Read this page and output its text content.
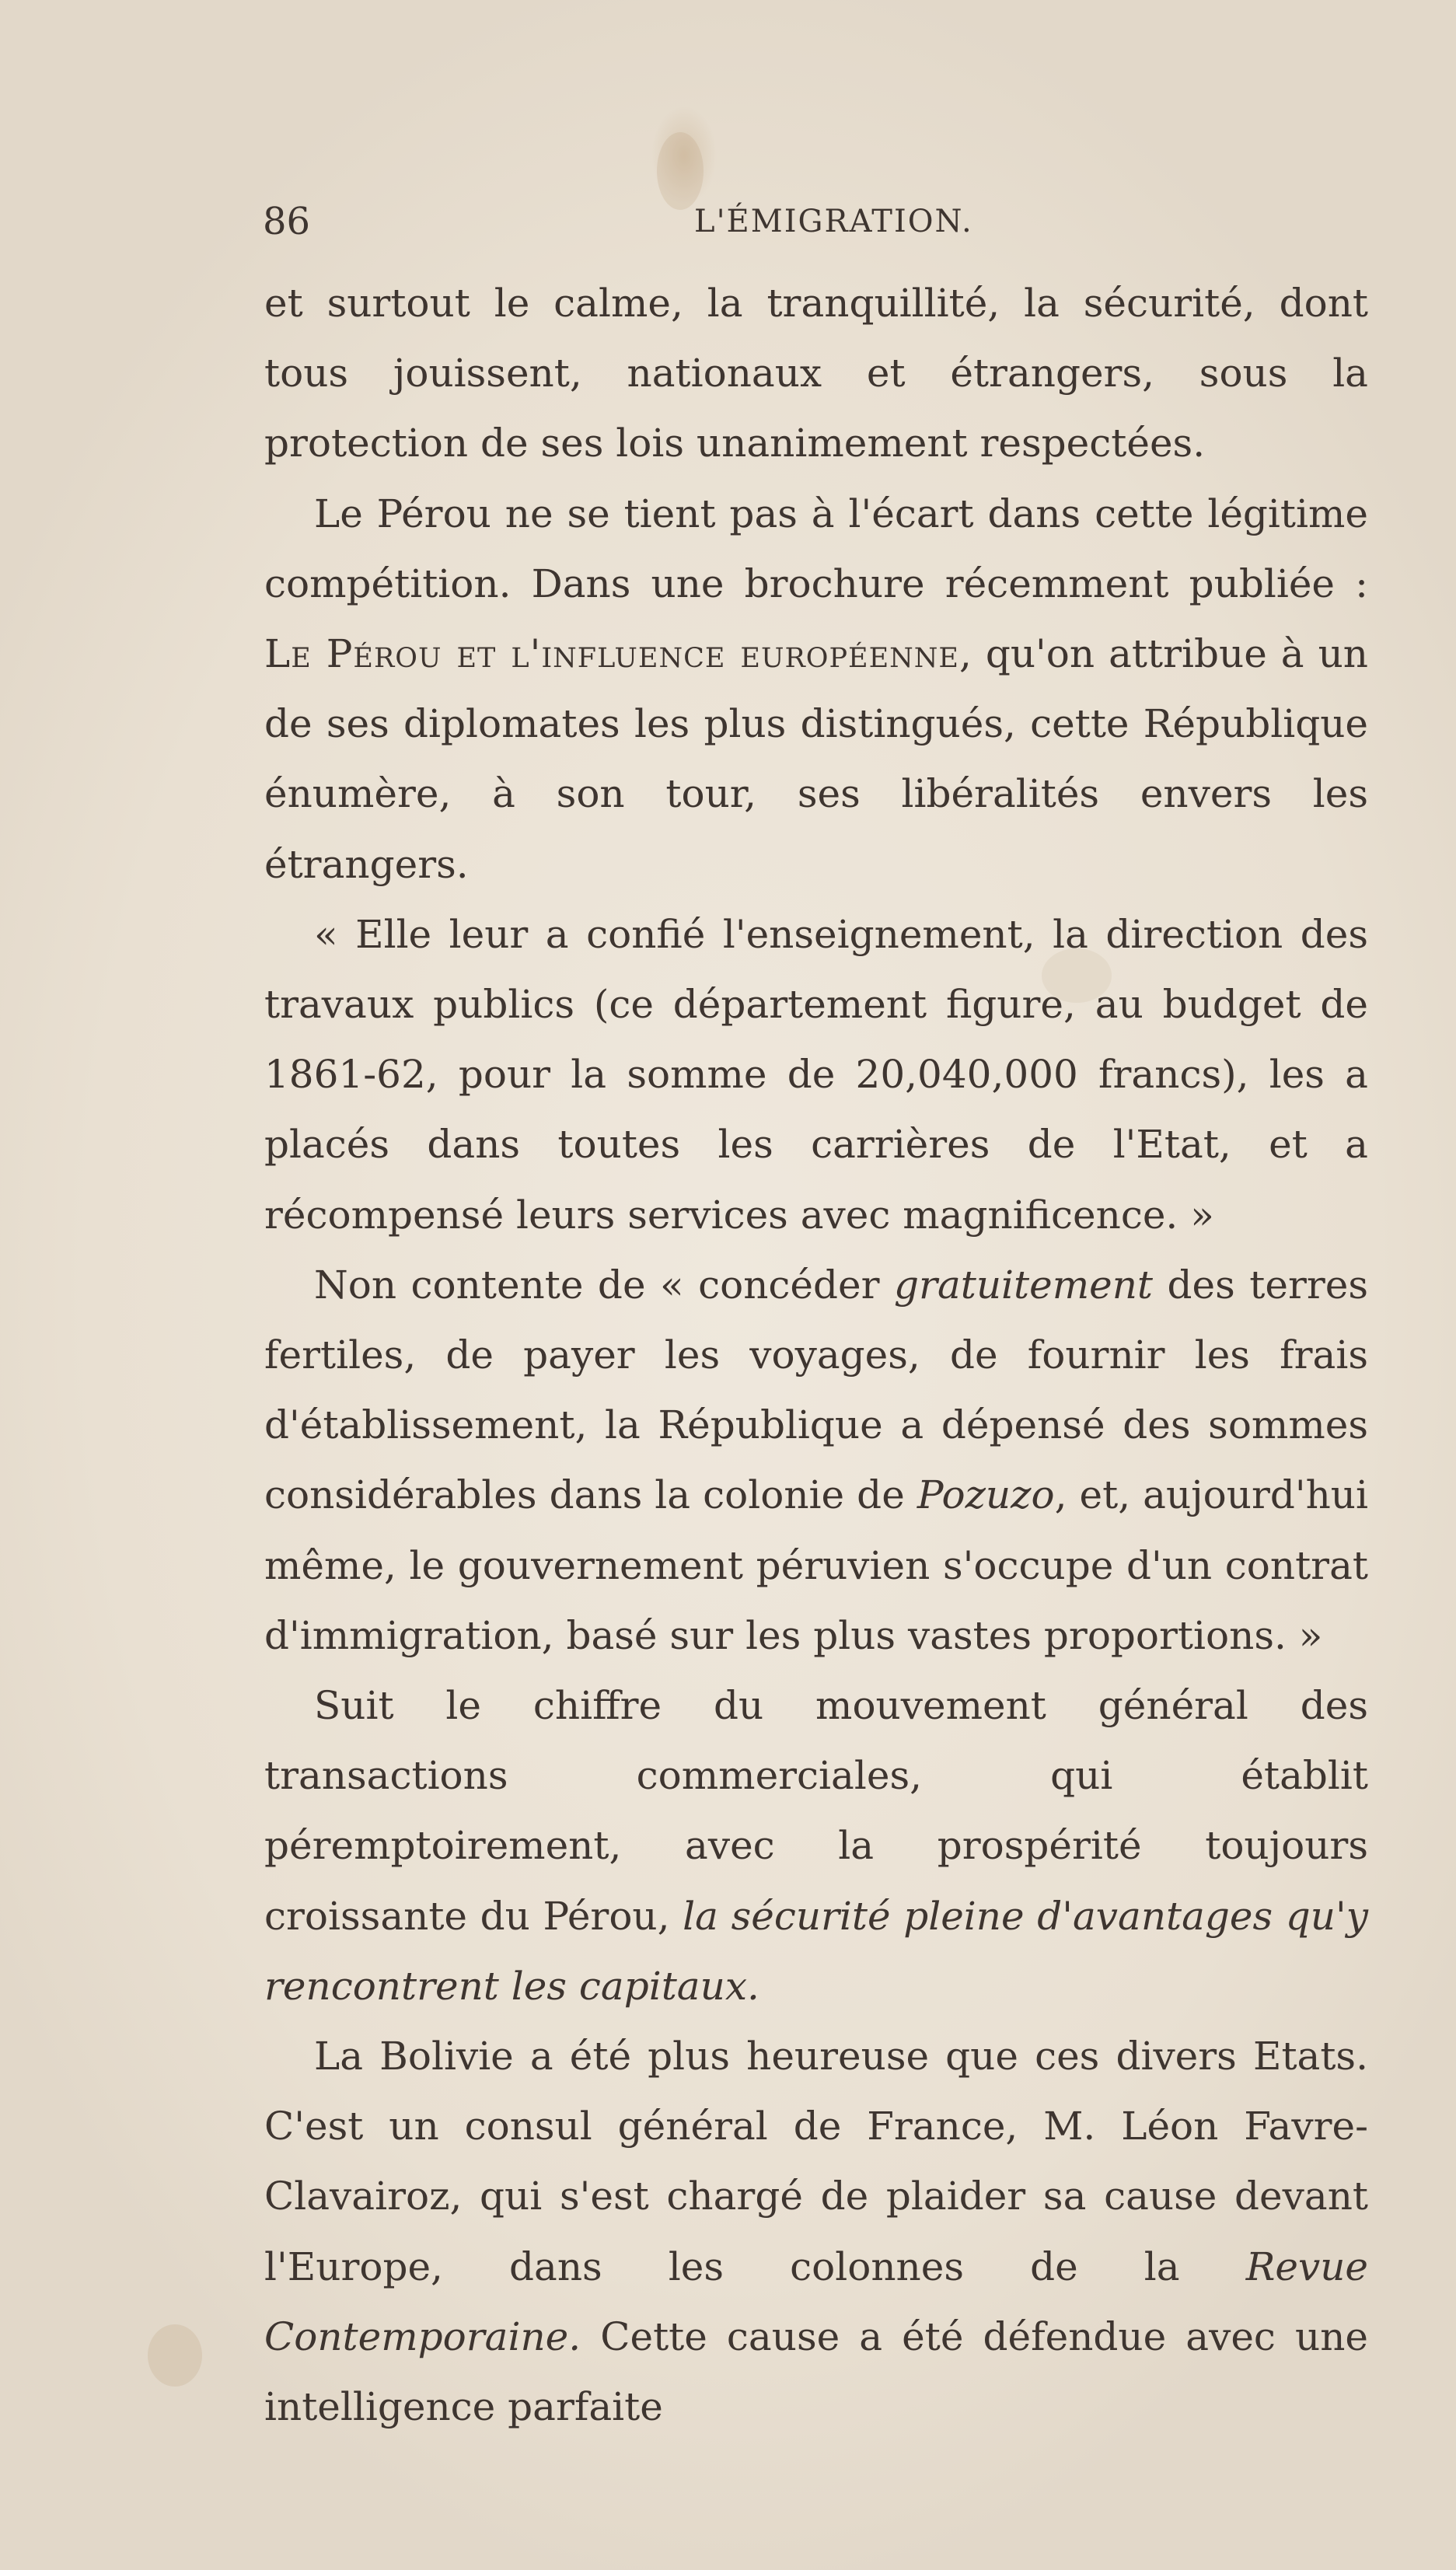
86	L'ÉMIGRATION.

et surtout le calme, la tranquillité, la sécurité, dont tous jouissent, nationaux et étrangers, sous la protection de ses lois unanimement respectées.

Le Pérou ne se tient pas à l'écart dans cette légitime compétition. Dans une brochure récemment publiée : Le Pérou et l'influence européenne, qu'on attribue à un de ses diplomates les plus distingués, cette République énumère, à son tour, ses libéralités envers les étrangers.

« Elle leur a confié l'enseignement, la direction des travaux publics (ce département figure, au budget de 1861-62, pour la somme de 20,040,000 francs), les a placés dans toutes les carrières de l'Etat, et a récompensé leurs services avec magnificence. »

Non contente de « concéder gratuitement des terres fertiles, de payer les voyages, de fournir les frais d'établissement, la République a dépensé des sommes considérables dans la colonie de Pozuzo, et, aujourd'hui même, le gouvernement péruvien s'occupe d'un contrat d'immigration, basé sur les plus vastes proportions. »

Suit le chiffre du mouvement général des transactions commerciales, qui établit péremptoirement, avec la prospérité toujours croissante du Pérou, la sécurité pleine d'avantages qu'y rencontrent les capitaux.

La Bolivie a été plus heureuse que ces divers Etats. C'est un consul général de France, M. Léon Favre-Clavairoz, qui s'est chargé de plaider sa cause devant l'Europe, dans les colonnes de la Revue Contemporaine. Cette cause a été défendue avec une intelligence parfaite
